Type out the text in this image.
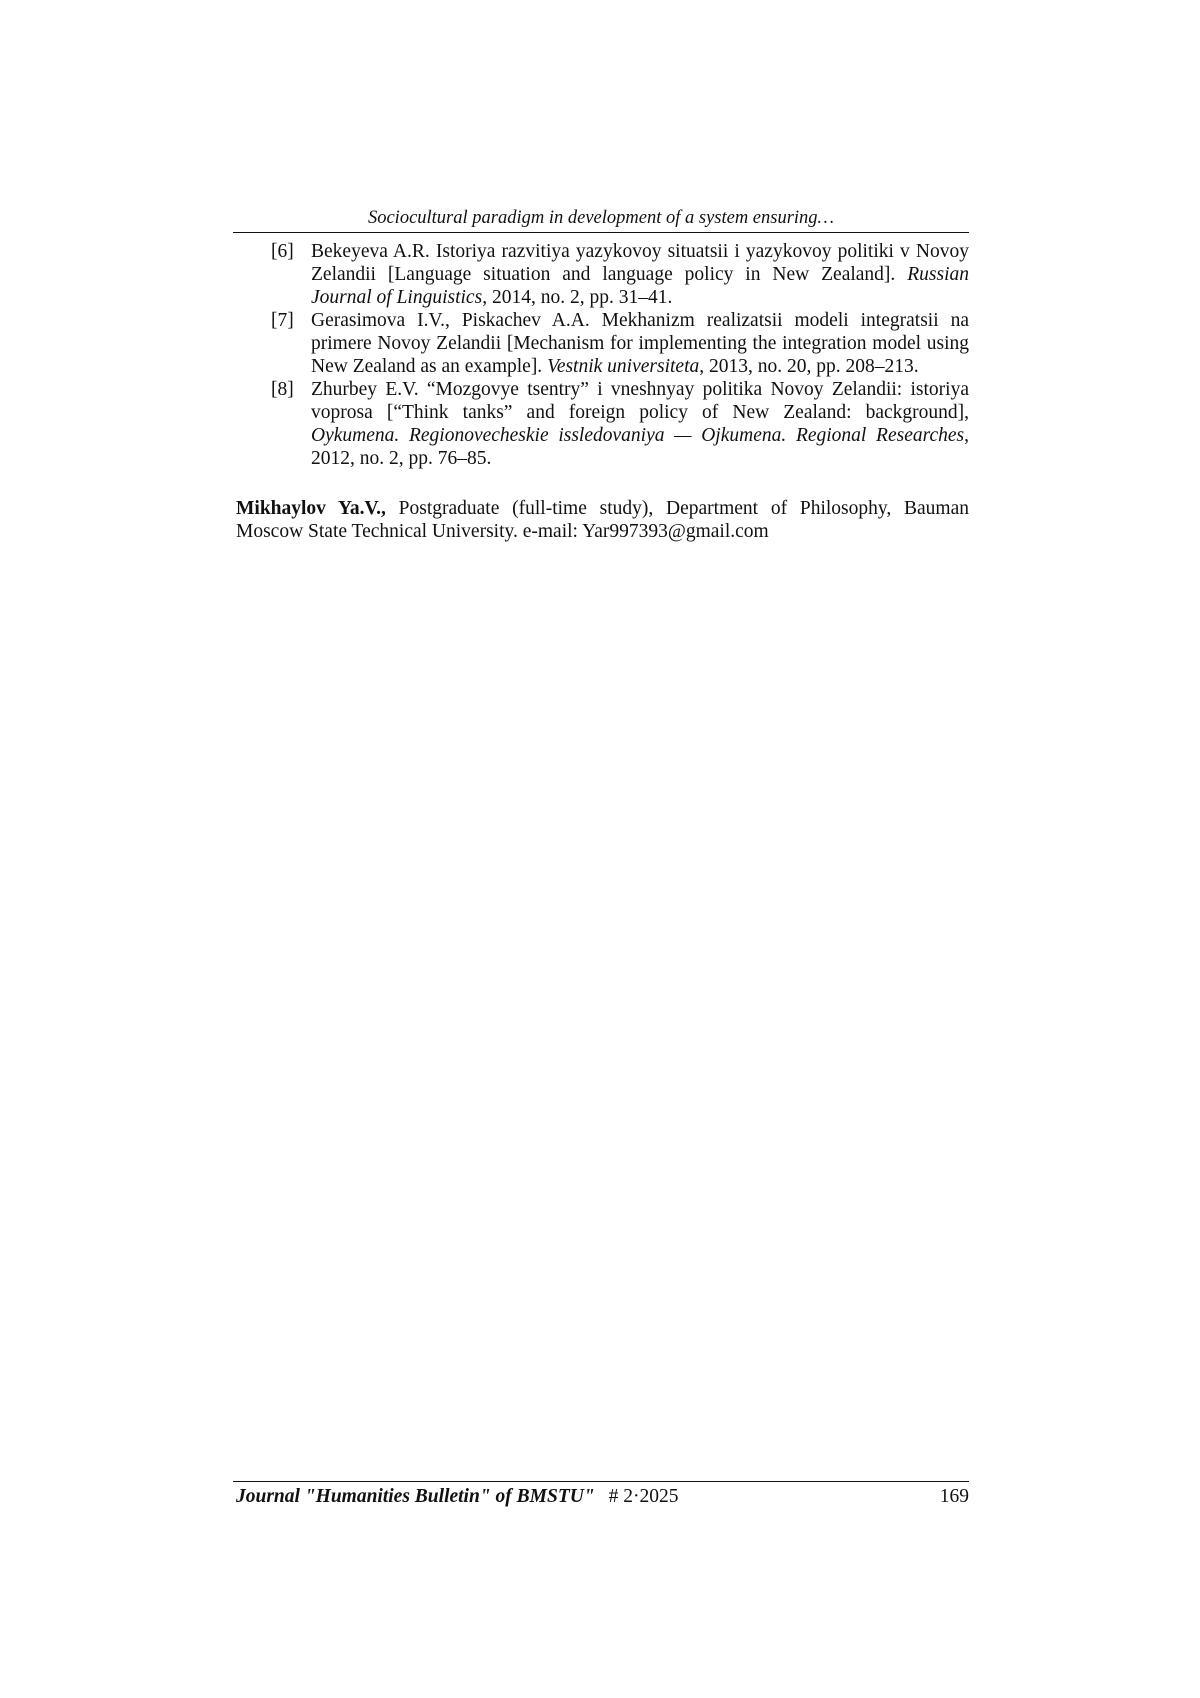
Sociocultural paradigm in development of a system ensuring…

[6] Bekeyeva A.R. Istoriya razvitiya yazykovoy situatsii i yazykovoy politiki v Novoy Zelandii [Language situation and language policy in New Zealand]. Russian Journal of Linguistics, 2014, no. 2, pp. 31–41.

[7] Gerasimova I.V., Piskachev A.A. Mekhanizm realizatsii modeli integratsii na primere Novoy Zelandii [Mechanism for implementing the integration model using New Zealand as an example]. Vestnik universiteta, 2013, no. 20, pp. 208–213.

[8] Zhurbey E.V. “Mozgovye tsentry” i vneshnyay politika Novoy Zelandii: istoriya voprosa [“Think tanks” and foreign policy of New Zealand: background], Oykumena. Regionovecheskie issledovaniya — Ojkumena. Regional Researches, 2012, no. 2, pp. 76–85.

Mikhaylov Ya.V., Postgraduate (full-time study), Department of Philosophy, Bauman Moscow State Technical University. e-mail: Yar997393@gmail.com
Journal "Humanities Bulletin" of BMSTU" # 2·2025	169
